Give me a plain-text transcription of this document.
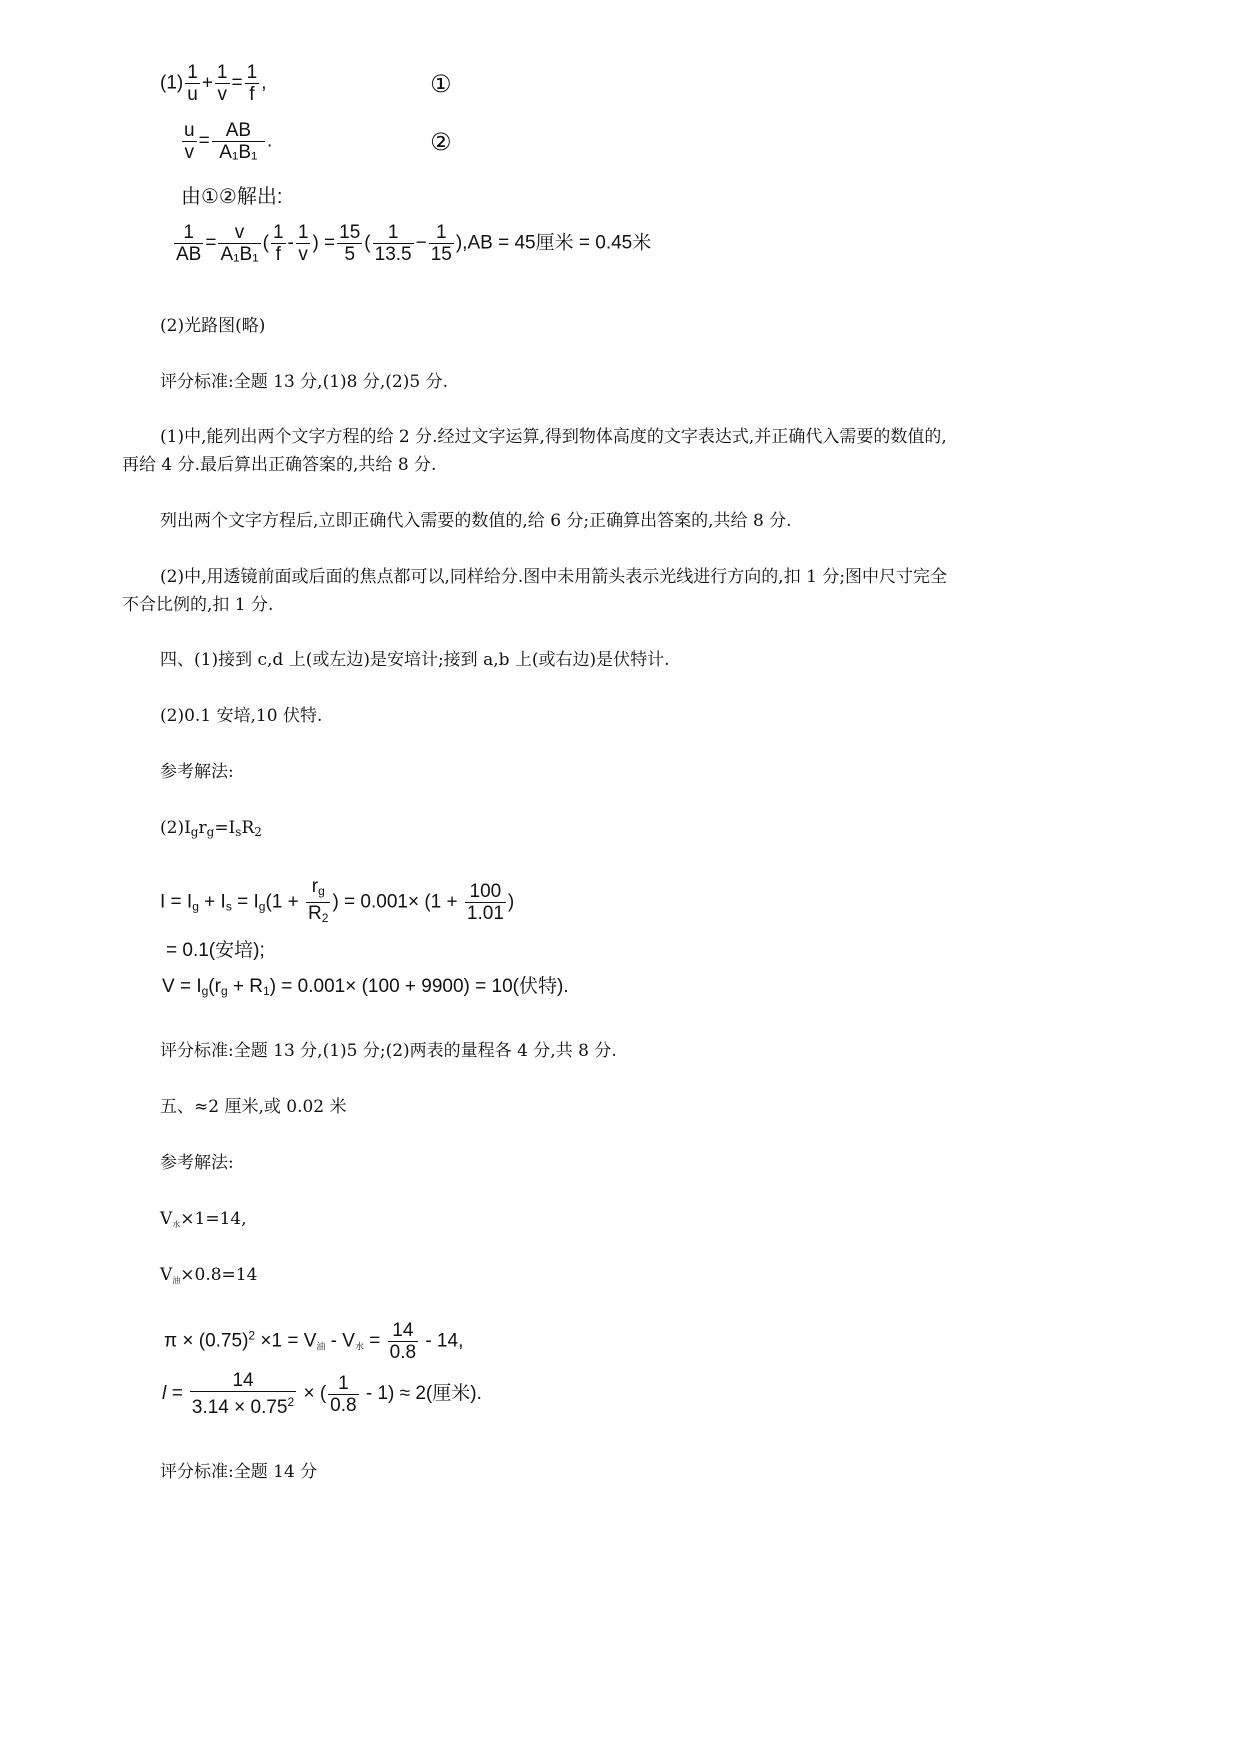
$(1) \frac{1}{u} + \frac{1}{v} = \frac{1}{f}$ ,	①
$\frac{u}{v} = \frac{AB}{\text{A₁B₁}}$ .	②
由①②解出:
$\frac{1}{AB} = \frac{v}{\text{A₁B₁}}$ ( $\frac{1}{f} - \frac{1}{v}$ ) = $\frac{15}{5}$ ( $\frac{1}{13.5} - \frac{1}{15} ),AB = 45$厘米 = 0.45米
(2)光路图(略)
评分标准:全题 13 分,(1)8 分,(2)5 分.
(1)中,能列出两个文字方程的给 2 分.经过文字运算,得到物体高度的文字表达式,并正确代入需要的数值的,
再给 4 分.最后算出正确答案的,共给 8 分.
列出两个文字方程后,立即正确代入需要的数值的,给 6 分;正确算出答案的,共给 8 分.
(2)中,用透镜前面或后面的焦点都可以,同样给分.图中未用箭头表示光线进行方向的,扣 1 分;图中尺寸完全
不合比例的,扣 1 分.
四、(1)接到 c,d 上(或左边)是安培计;接到 a,b 上(或右边)是伏特计.
(2)0.1 安培,10 伏特.
参考解法:
$(2)I_gr_g=I_sR_2$
$I = I_g + I_s = I_g(1 + \frac{r_g}{R_2}$ ) = $0.001\times (1 + \frac{100}{1.01}$ )
= 0.1(安培);
$V = I_g(r_g + R_1) = 0.001\times (100 + 9900) = 10$(伏特).
评分标准:全题 13 分,(1)5 分;(2)两表的量程各 4 分,共 8 分.
五、≈2 厘米,或 0.02 米
参考解法:
$V_水\times 1=14$,
$V_油\times 0.8=14$
$\pi \times (0.75)^2 \times 1 = V_油 - V_水 = \frac{14}{0.8} - 14$,
$l = \frac{14}{3.14 \times 0.75^2}$ × ( $\frac{1}{0.8} - 1) \approx 2$(厘米).
评分标准:全题 14 分
